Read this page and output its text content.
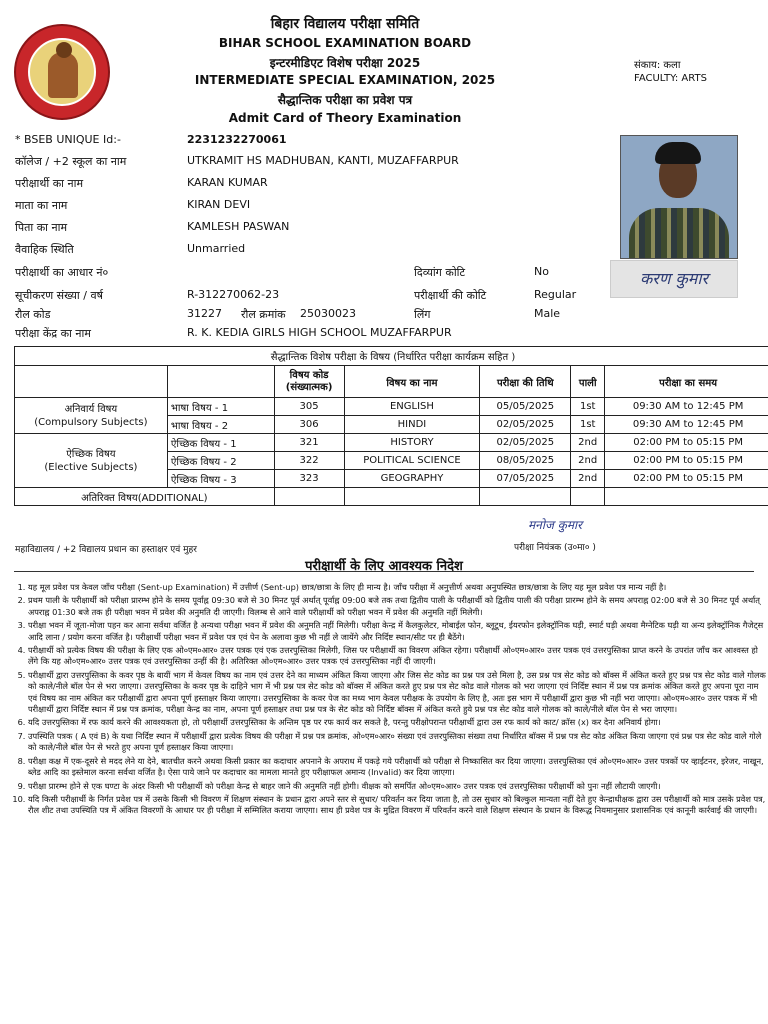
बिहार विद्यालय परीक्षा समिति
BIHAR SCHOOL EXAMINATION BOARD
इन्टरमीडिएट विशेष परीक्षा 2025
INTERMEDIATE SPECIAL EXAMINATION, 2025
सैद्धान्तिक परीक्षा का प्रवेश पत्र
Admit Card of Theory Examination
संकाय: कला
FACULTY: ARTS
* BSEB UNIQUE Id:-	2231232270061
कॉलेज / +2 स्कूल का नाम	UTKRAMIT HS MADHUBAN, KANTI, MUZAFFARPUR
परीक्षार्थी का नाम	KARAN KUMAR
माता का नाम	KIRAN DEVI
पिता का नाम	KAMLESH PASWAN
वैवाहिक स्थिति	Unmarried
परीक्षार्थी का आधार नं०	दिव्यांग कोटि	No
सूचीकरण संख्या / वर्ष	R-312270062-23	परीक्षार्थी की कोटि	Regular
रौल कोड	31227 रौल क्रमांक 25030023	लिंग	Male
परीक्षा केंद्र का नाम	R. K. KEDIA GIRLS HIGH SCHOOL MUZAFFARPUR
करण कुमार
सैद्धान्तिक विशेष परीक्षा के विषय (निर्धारित परीक्षा कार्यक्रम सहित )						
		विषय कोड (संख्यात्मक)	विषय का नाम	परीक्षा की तिथि	पाली	परीक्षा का समय

अनिवार्य विषय
(Compulsory Subjects)	भाषा विषय - 1	305	ENGLISH	05/05/2025	1st	09:30 AM to 12:45 PM
	भाषा विषय - 2	306	HINDI	02/05/2025	1st	09:30 AM to 12:45 PM

ऐच्छिक विषय
(Elective Subjects)	ऐच्छिक विषय - 1	321	HISTORY	02/05/2025	2nd	02:00 PM to 05:15 PM
	ऐच्छिक विषय - 2	322	POLITICAL SCIENCE	08/05/2025	2nd	02:00 PM to 05:15 PM
	ऐच्छिक विषय - 3	323	GEOGRAPHY	07/05/2025	2nd	02:00 PM to 05:15 PM
अतिरिक्त विषय(ADDITIONAL)						
मनोज कुमार
महाविद्यालय / +2 विद्यालय प्रधान का हस्ताक्षर एवं मुहर	परीक्षा नियंत्रक (उ०मा० )
परीक्षार्थी के लिए आवश्यक निदेश
1. यह मूल प्रवेश पत्र केवल जाँच परीक्षा (Sent-up Examination) में उत्तीर्ण (Sent-up) छात्र/छात्रा के लिए ही मान्य है। जाँच परीक्षा में अनुत्तीर्ण अथवा अनुपस्थित छात्र/छात्रा के लिए यह मूल प्रवेश पत्र मान्य नहीं है।
2. प्रथम पाली के परीक्षार्थी को परीक्षा प्रारम्भ होने के समय पूर्वाह्न 09:30 बजे से 30 मिनट पूर्व अर्थात् पूर्वाह्न 09:00 बजे तक तथा द्वितीय पाली के परीक्षार्थी को द्वितीय पाली की परीक्षा प्रारम्भ होने के समय अपराह्न 02:00 बजे से 30 मिनट पूर्व अर्थात् अपराह्न 01:30 बजे तक ही परीक्षा भवन में प्रवेश की अनुमति दी जाएगी। विलम्ब से आने वाले परीक्षार्थी को परीक्षा भवन में प्रवेश की अनुमति नहीं मिलेगी।
3. परीक्षा भवन में जूता-मोजा पहन कर आना सर्वथा वर्जित है अन्यथा परीक्षा भवन में प्रवेश की अनुमति नहीं मिलेगी। परीक्षा केन्द्र में कैलकुलेटर, मोबाईल फोन, ब्लूटूथ, ईयरफोन इलेक्ट्रॉनिक घड़ी, स्मार्ट घड़ी अथवा मैग्नेटिक घड़ी या अन्य इलेक्ट्रॉनिक गैजेट्स आदि लाना / प्रयोग करना वर्जित है। परीक्षार्थी परीक्षा भवन में प्रवेश पत्र एवं पेन के अलावा कुछ भी नहीं ले जायेंगे और निर्दिष्ट स्थान/सीट पर ही बैठेंगे।
4. परीक्षार्थी को प्रत्येक विषय की परीक्षा के लिए एक ओ०एम०आर० उत्तर पत्रक एवं एक उत्तरपुस्तिका मिलेगी, जिस पर परीक्षार्थी का विवरण अंकित रहेगा। परीक्षार्थी ओ०एम०आर० उत्तर पत्रक एवं उत्तरपुस्तिका प्राप्त करने के उपरांत जाँच कर आश्वस्त हो लेंगे कि यह ओ०एम०आर० उत्तर पत्रक एवं उत्तरपुस्तिका उन्हीं की है। अतिरिक्त ओ०एम०आर० उत्तर पत्रक एवं उत्तरपुस्तिका नहीं दी जाएगी।
5. परीक्षार्थी द्वारा उत्तरपुस्तिका के कवर पृष्ठ के बायीं भाग में केवल विषय का नाम एवं उत्तर देने का माध्यम अंकित किया जाएगा और जिस सेट कोड का प्रश्न पत्र उसे मिला है, उस प्रश्न पत्र सेट कोड को बॉक्स में अंकित करते हुए प्रश्न पत्र सेट कोड वाले गोलक को काले/नीले बॉल पेन से भरा जाएगा। उत्तरपुस्तिका के कवर पृष्ठ के दाहिने भाग में भी प्रश्न पत्र सेट कोड को बॉक्स में अंकित करते हुए प्रश्न पत्र सेट कोड वाले गोलक को भरा जाएगा एवं निर्दिष्ट स्थान में प्रश्न पत्र क्रमांक अंकित करते हुए अपना पूरा नाम एवं विषय का नाम अंकित कर परीक्षार्थी द्वारा अपना पूर्ण हस्ताक्षर किया जाएगा। उत्तरपुस्तिका के कवर पेज का मध्य भाग केवल परीक्षक के उपयोग के लिए है, अतः इस भाग में परीक्षार्थी द्वारा कुछ भी नहीं भरा जाएगा। ओ०एम०आर० उत्तर पत्रक में भी परीक्षार्थी द्वारा निर्दिष्ट स्थान में प्रश्न पत्र क्रमांक, परीक्षा केन्द्र का नाम, अपना पूर्ण हस्ताक्षर तथा प्रश्न पत्र के सेट कोड को निर्दिष्ट बॉक्स में अंकित करते हुये प्रश्न पत्र सेट कोड वाले गोलक को काले/नीले बॉल पेन से भरा जाएगा।
6. यदि उत्तरपुस्तिका में रफ कार्य करने की आवश्यकता हो, तो परीक्षार्थी उत्तरपुस्तिका के अन्तिम पृष्ठ पर रफ कार्य कर सकते है, परन्तु परीक्षोपरान्त परीक्षार्थी द्वारा उस रफ कार्य को काट/ क्रॉस (x) कर देना अनिवार्य होगा।
7. उपस्थिति पत्रक ( A एवं B) के यथा निर्दिष्ट स्थान में परीक्षार्थी द्वारा प्रत्येक विषय की परीक्षा में प्रश्न पत्र क्रमांक, ओ०एम०आर० संख्या एवं उत्तरपुस्तिका संख्या तथा निर्धारित बॉक्स में प्रश्न पत्र सेट कोड अंकित किया जाएगा एवं प्रश्न पत्र सेट कोड वाले गोले को काले/नीले बॉल पेन से भरते हुए अपना पूर्ण हस्ताक्षर किया जाएगा।
8. परीक्षा कक्ष में एक-दूसरे से मदद लेने या देने, बातचीत करने अथवा किसी प्रकार का कदाचार अपनाने के अपराध में पकड़े गये परीक्षार्थी को परीक्षा से निष्कासित कर दिया जाएगा। उत्तरपुस्तिका एवं ओ०एम०आर० उत्तर पत्रकों पर व्हाईटनर, इरेजर, नाखून, ब्लेड आदि का इस्तेमाल करना सर्वथा वर्जित है। ऐसा पाये जाने पर कदाचार का मामला मानते हुए परीक्षाफल अमान्य (Invalid) कर दिया जाएगा।
9. परीक्षा प्रारम्भ होने से एक घण्टा के अंदर किसी भी परीक्षार्थी को परीक्षा केन्द्र से बाहर जाने की अनुमति नहीं होगी। वीक्षक को समर्पित ओ०एम०आर० उत्तर पत्रक एवं उत्तरपुस्तिका परीक्षार्थी को पुनः नहीं लौटायी जाएगी।
10. यदि किसी परीक्षार्थी के निर्गत प्रवेश पत्र में उसके किसी भी विवरण में शिक्षण संस्थान के प्रधान द्वारा अपने स्तर से सुधार/ परिवर्तन कर दिया जाता है, तो उस सुधार को बिल्कुल मान्यता नहीं देते हुए केन्द्राधीक्षक द्वारा उस परीक्षार्थी को मात्र उसके प्रवेश पत्र, रौल शीट तथा उपस्थिति पत्र में अंकित विवरणों के आधार पर ही परीक्षा में सम्मिलित कराया जाएगा। साथ ही प्रवेश पत्र के मुद्रित विवरण में परिवर्तन करने वाले शिक्षण संस्थान के प्रधान के विरूद्ध नियमानुसार प्रशासनिक एवं कानूनी कार्रवाई की जाएगी।
